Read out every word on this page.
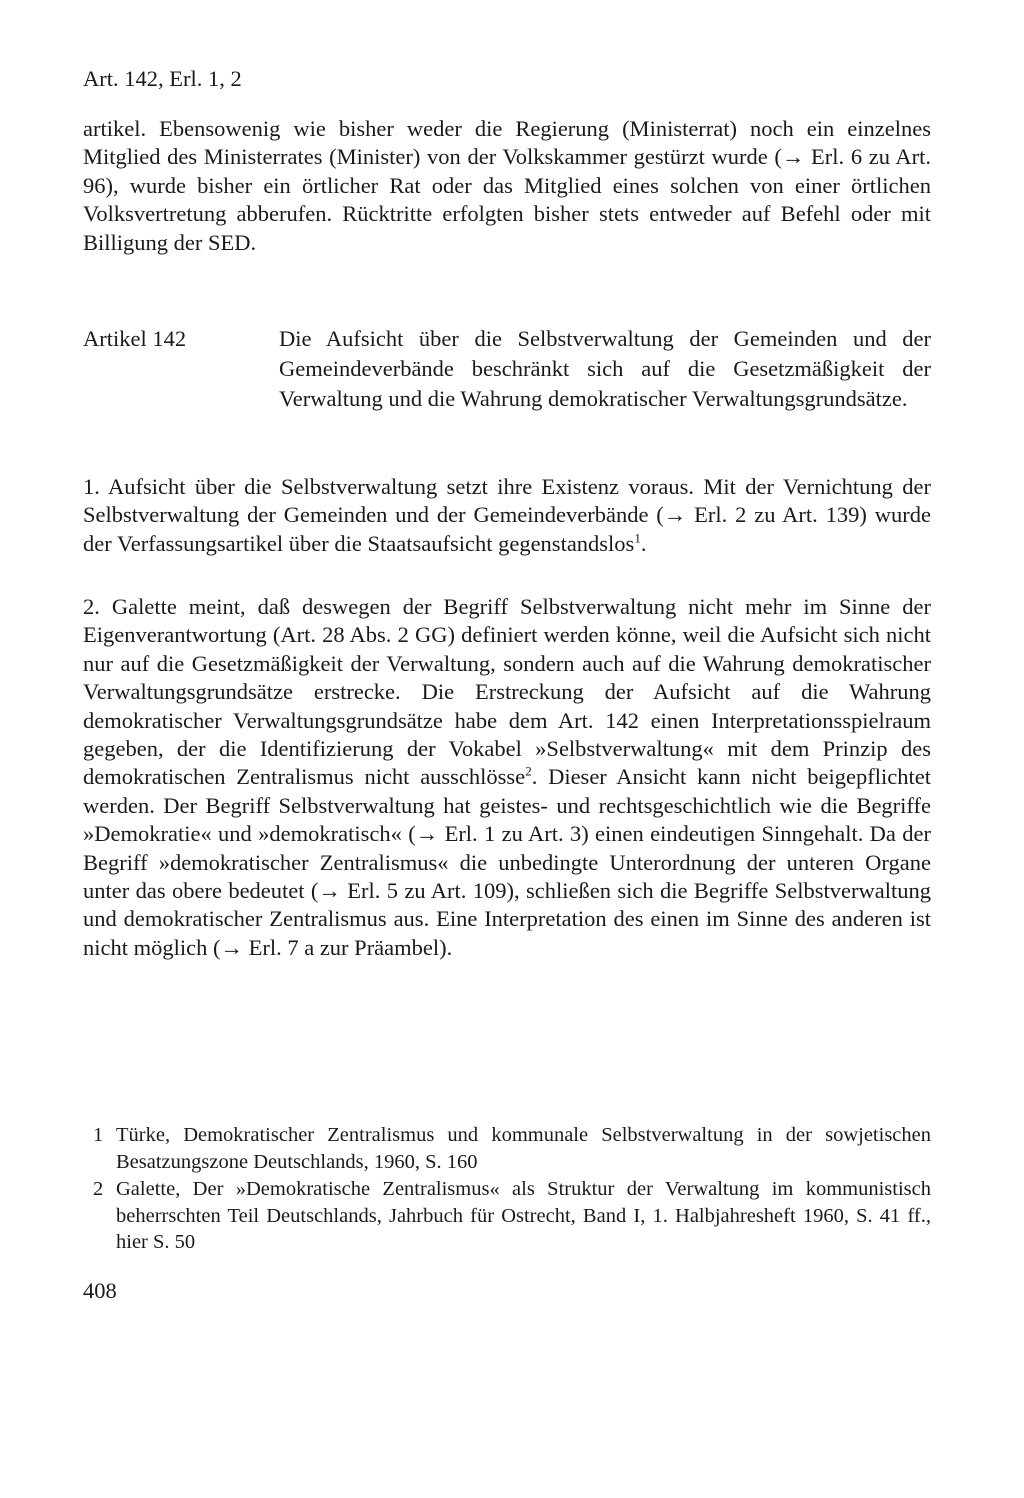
Art. 142, Erl. 1, 2

artikel. Ebensowenig wie bisher weder die Regierung (Ministerrat) noch ein einzelnes Mitglied des Ministerrates (Minister) von der Volkskammer gestürzt wurde (→ Erl. 6 zu Art. 96), wurde bisher ein örtlicher Rat oder das Mitglied eines solchen von einer örtlichen Volksvertretung abberufen. Rücktritte erfolgten bisher stets entweder auf Befehl oder mit Billigung der SED.

Artikel 142	Die Aufsicht über die Selbstverwaltung der Gemeinden und der Gemeindeverbände beschränkt sich auf die Gesetzmäßigkeit der Verwaltung und die Wahrung demokratischer Verwaltungsgrundsätze.

1. Aufsicht über die Selbstverwaltung setzt ihre Existenz voraus. Mit der Vernichtung der Selbstverwaltung der Gemeinden und der Gemeindeverbände (→ Erl. 2 zu Art. 139) wurde der Verfassungsartikel über die Staatsaufsicht gegenstandslos$^1$.

2. Galette meint, daß deswegen der Begriff Selbstverwaltung nicht mehr im Sinne der Eigenverantwortung (Art. 28 Abs. 2 GG) definiert werden könne, weil die Aufsicht sich nicht nur auf die Gesetzmäßigkeit der Verwaltung, sondern auch auf die Wahrung demokratischer Verwaltungsgrundsätze erstrecke. Die Erstreckung der Aufsicht auf die Wahrung demokratischer Verwaltungsgrundsätze habe dem Art. 142 einen Interpretationsspielraum gegeben, der die Identifizierung der Vokabel »Selbstverwaltung« mit dem Prinzip des demokratischen Zentralismus nicht ausschlösse$^2$. Dieser Ansicht kann nicht beigepflichtet werden. Der Begriff Selbstverwaltung hat geistes- und rechtsgeschichtlich wie die Begriffe »Demokratie« und »demokratisch« (→ Erl. 1 zu Art. 3) einen eindeutigen Sinngehalt. Da der Begriff »demokratischer Zentralismus« die unbedingte Unterordnung der unteren Organe unter das obere bedeutet (→ Erl. 5 zu Art. 109), schließen sich die Begriffe Selbstverwaltung und demokratischer Zentralismus aus. Eine Interpretation des einen im Sinne des anderen ist nicht möglich (→ Erl. 7 a zur Präambel).

1 Türke, Demokratischer Zentralismus und kommunale Selbstverwaltung in der sowjetischen Besatzungszone Deutschlands, 1960, S. 160
2 Galette, Der »Demokratische Zentralismus« als Struktur der Verwaltung im kommunistisch beherrschten Teil Deutschlands, Jahrbuch für Ostrecht, Band I, 1. Halbjahresheft 1960, S. 41 ff., hier S. 50
408
